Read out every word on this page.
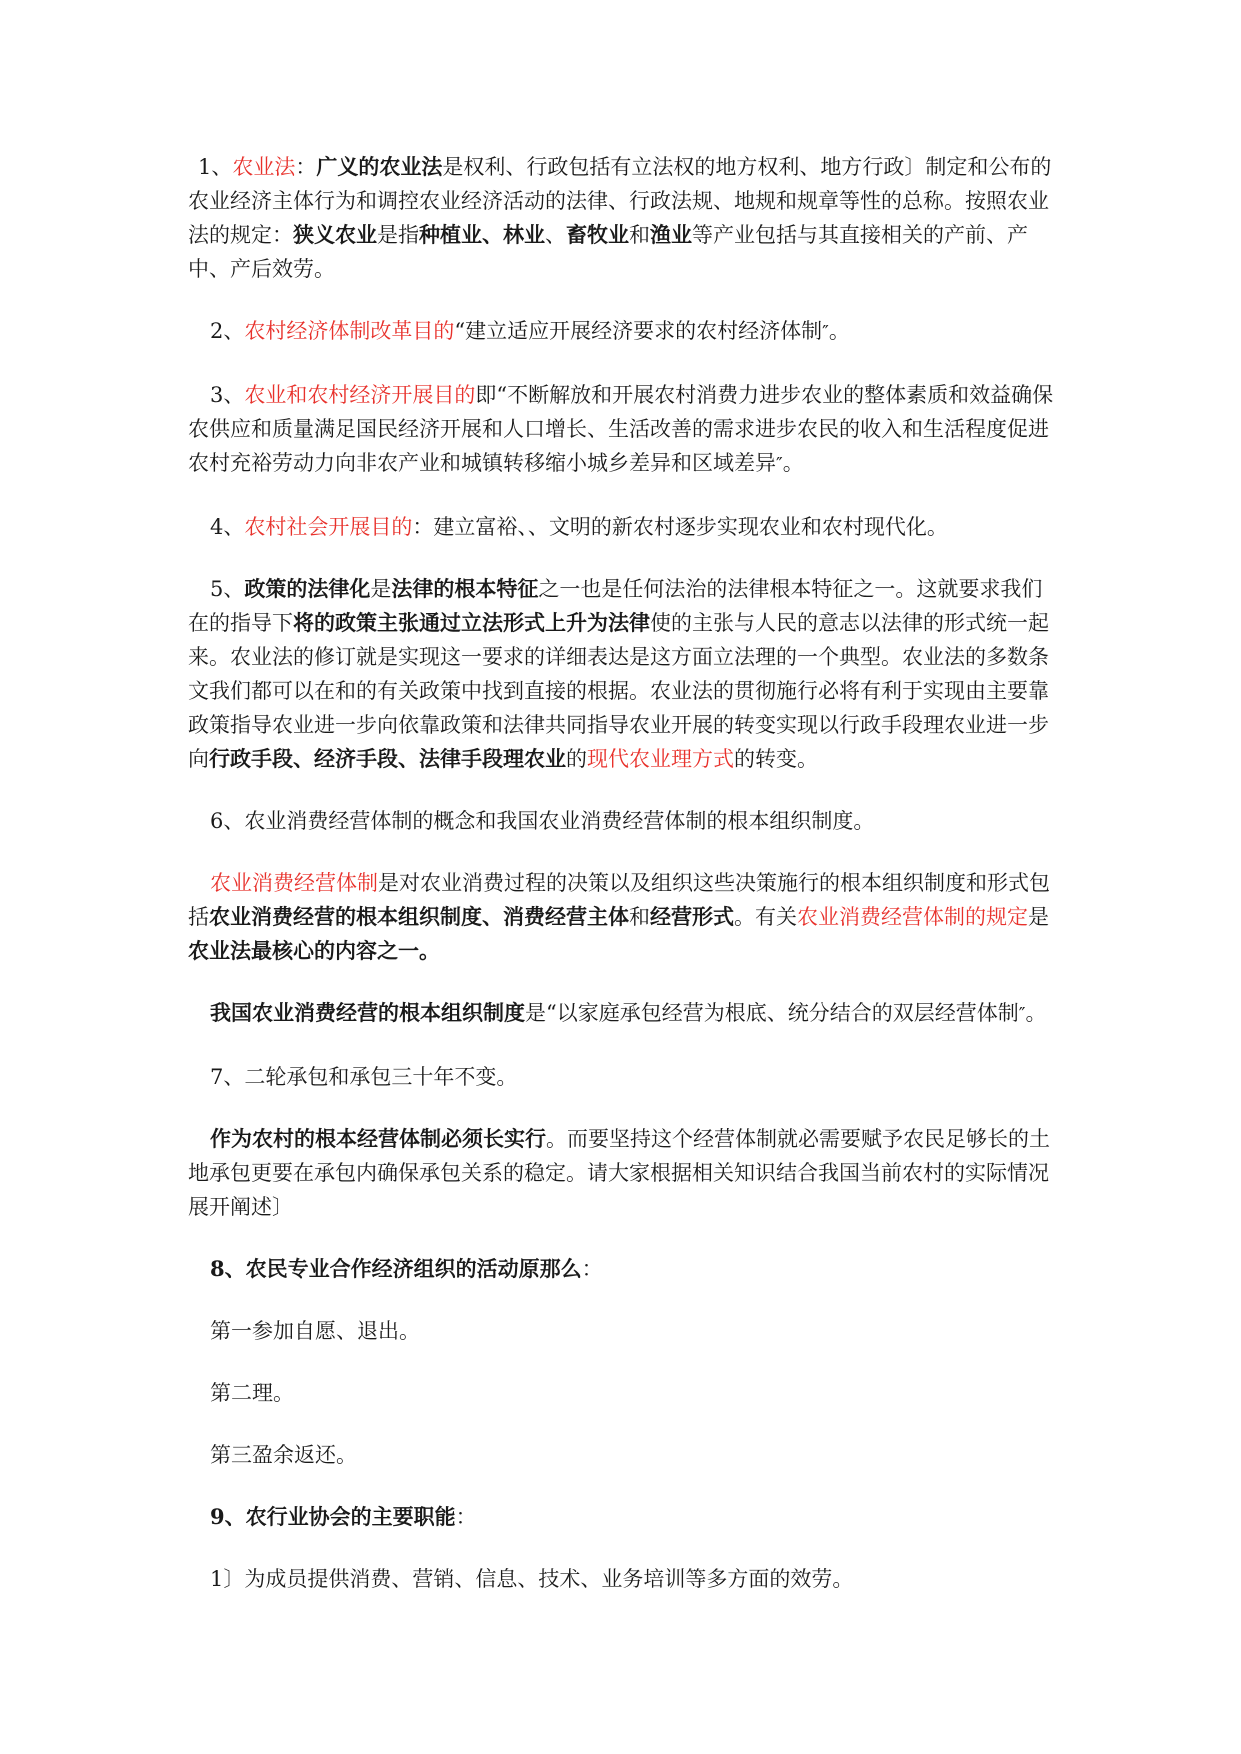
1、农业法：广义的农业法是权利、行政包括有立法权的地方权利、地方行政〕制定和公布的农业经济主体行为和调控农业经济活动的法律、行政法规、地规和规章等性的总称。按照农业法的规定：狭义农业是指种植业、林业、畜牧业和渔业等产业包括与其直接相关的产前、产中、产后效劳。

2、农村经济体制改革目的“建立适应开展经济要求的农村经济体制″。

3、农业和农村经济开展目的即“不断解放和开展农村消费力进步农业的整体素质和效益确保农供应和质量满足国民经济开展和人口增长、生活改善的需求进步农民的收入和生活程度促进农村充裕劳动力向非农产业和城镇转移缩小城乡差异和区域差异″。

4、农村社会开展目的：建立富裕、、文明的新农村逐步实现农业和农村现代化。

5、政策的法律化是法律的根本特征之一也是任何法治的法律根本特征之一。这就要求我们在的指导下将的政策主张通过立法形式上升为法律使的主张与人民的意志以法律的形式统一起来。农业法的修订就是实现这一要求的详细表达是这方面立法理的一个典型。农业法的多数条文我们都可以在和的有关政策中找到直接的根据。农业法的贯彻施行必将有利于实现由主要靠政策指导农业进一步向依靠政策和法律共同指导农业开展的转变实现以行政手段理农业进一步向行政手段、经济手段、法律手段理农业的现代农业理方式的转变。

6、农业消费经营体制的概念和我国农业消费经营体制的根本组织制度。

农业消费经营体制是对农业消费过程的决策以及组织这些决策施行的根本组织制度和形式包括农业消费经营的根本组织制度、消费经营主体和经营形式。有关农业消费经营体制的规定是农业法最核心的内容之一。

我国农业消费经营的根本组织制度是“以家庭承包经营为根底、统分结合的双层经营体制″。

7、二轮承包和承包三十年不变。

作为农村的根本经营体制必须长实行。而要坚持这个经营体制就必需要赋予农民足够长的土地承包更要在承包内确保承包关系的稳定。请大家根据相关知识结合我国当前农村的实际情况展开阐述〕

8、农民专业合作经济组织的活动原那么：

第一参加自愿、退出。

第二理。

第三盈余返还。

9、农行业协会的主要职能：

1〕为成员提供消费、营销、信息、技术、业务培训等多方面的效劳。
